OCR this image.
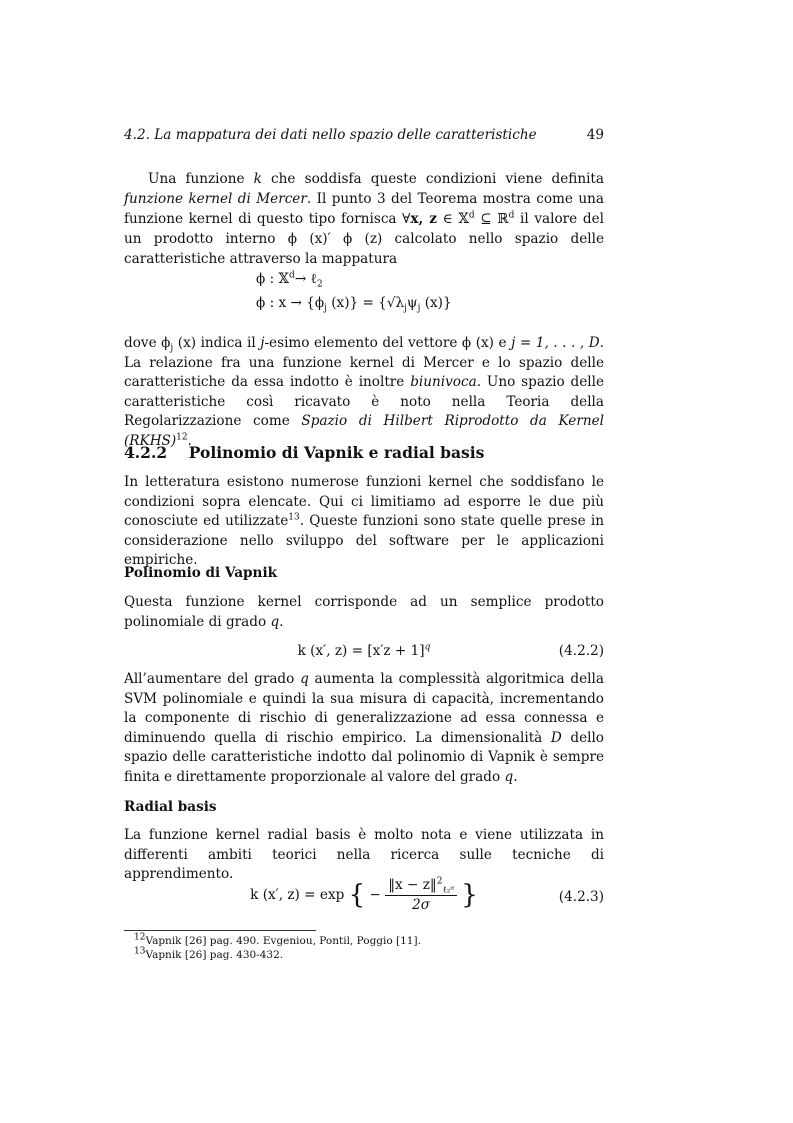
4.2. La mappatura dei dati nello spazio delle caratteristiche	49

Una funzione k che soddisfa queste condizioni viene definita funzione kernel di Mercer. Il punto 3 del Teorema mostra come una funzione kernel di questo tipo fornisca ∀x, z ∈ 𝕏$^d$ ⊆ ℝ$^d$ il valore del un prodotto interno ϕ (x)′ ϕ (z) calcolato nello spazio delle caratteristiche attraverso la mappatura

ϕ : 𝕏$^d$→ ℓ$_2$
ϕ : $x \to \{\phi_j$ $(x)\} = \{√\lambda_j\psi_j$ (x)}

dove $\phi_j$ (x) indica il j-esimo elemento del vettore ϕ (x) e j = 1, . . . , D. La relazione fra una funzione kernel di Mercer e lo spazio delle caratteristiche da essa indotto è inoltre biunivoca. Uno spazio delle caratteristiche così ricavato è noto nella Teoria della Regolarizzazione come Spazio di Hilbert Riprodotto da Kernel (RKHS)$^{12}$.

4.2.2 Polinomio di Vapnik e radial basis

In letteratura esistono numerose funzioni kernel che soddisfano le condizioni sopra elencate. Qui ci limitiamo ad esporre le due più conosciute ed utilizzate$^{13}$. Queste funzioni sono state quelle prese in considerazione nello sviluppo del software per le applicazioni empiriche.

Polinomio di Vapnik

Questa funzione kernel corrisponde ad un semplice prodotto polinomiale di grado q.

k (x′, $z) = [x'z + 1]^q$	(4.2.2)

All’aumentare del grado q aumenta la complessità algoritmica della SVM polinomiale e quindi la sua misura di capacità, incrementando la componente di rischio di generalizzazione ad essa connessa e diminuendo quella di rischio empirico. La dimensionalità D dello spazio delle caratteristiche indotto dal polinomio di Vapnik è sempre finita e direttamente proporzionale al valore del grado q.

Radial basis

La funzione kernel radial basis è molto nota e viene utilizzata in differenti ambiti teorici nella ricerca sulle tecniche di apprendimento.

k (x′, z) = exp { − $\frac{‖x - z‖^2_{\ell_2ᵈ}}{2\sigma}$ }	(4.2.3)
$^{12}$Vapnik [26] pag. 490. Evgeniou, Pontil, Poggio [11].
$^{13}$Vapnik [26] pag. 430-432.
